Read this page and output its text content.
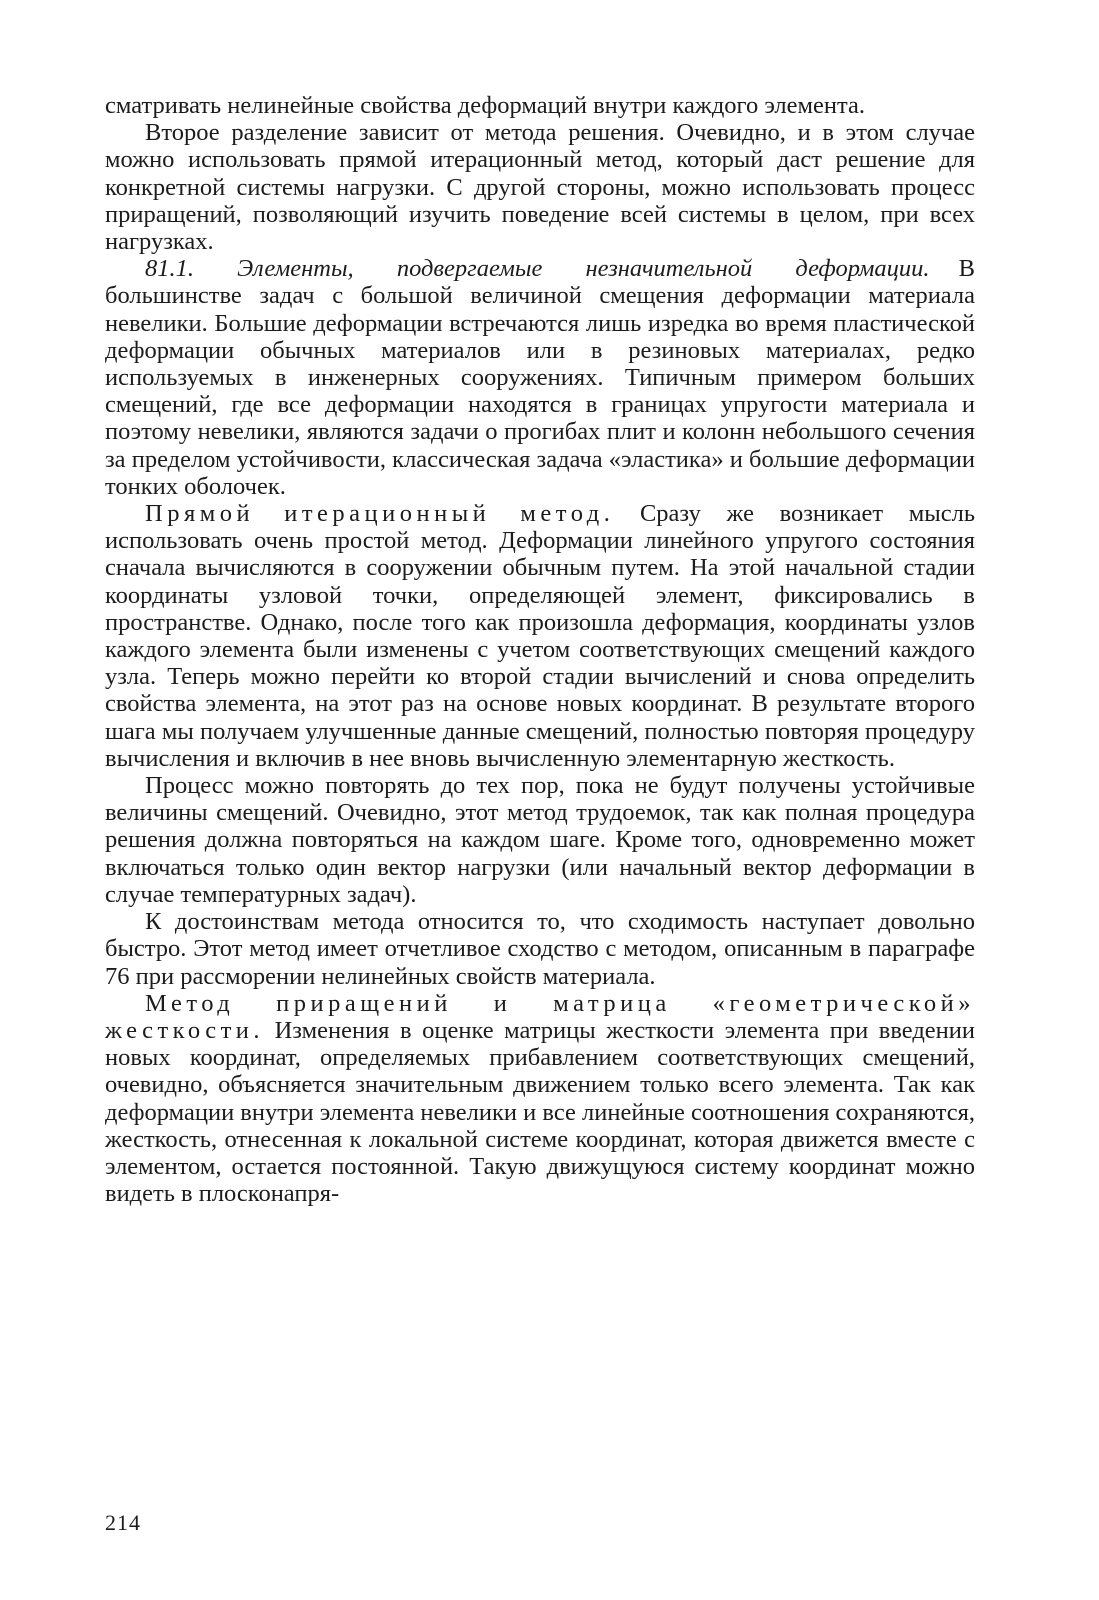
сматривать нелинейные свойства деформаций внутри каждого элемента.

Второе разделение зависит от метода решения. Очевидно, и в этом случае можно использовать прямой итерационный метод, который даст решение для конкретной системы нагрузки. С другой стороны, можно использовать процесс приращений, позволяющий изучить поведение всей системы в целом, при всех нагрузках.

81.1. Элементы, подвергаемые незначительной деформации. В большинстве задач с большой величиной смещения деформации материала невелики. Большие деформации встречаются лишь изредка во время пластической деформации обычных материалов или в резиновых материалах, редко используемых в инженерных сооружениях. Типичным примером больших смещений, где все деформации находятся в границах упругости материала и поэтому невелики, являются задачи о прогибах плит и колонн небольшого сечения за пределом устойчивости, классическая задача «эластика» и большие деформации тонких оболочек.

Прямой итерационный метод. Сразу же возникает мысль использовать очень простой метод. Деформации линейного упругого состояния сначала вычисляются в сооружении обычным путем. На этой начальной стадии координаты узловой точки, определяющей элемент, фиксировались в пространстве. Однако, после того как произошла деформация, координаты узлов каждого элемента были изменены с учетом соответствующих смещений каждого узла. Теперь можно перейти ко второй стадии вычислений и снова определить свойства элемента, на этот раз на основе новых координат. В результате второго шага мы получаем улучшенные данные смещений, полностью повторяя процедуру вычисления и включив в нее вновь вычисленную элементарную жесткость.

Процесс можно повторять до тех пор, пока не будут получены устойчивые величины смещений. Очевидно, этот метод трудоемок, так как полная процедура решения должна повторяться на каждом шаге. Кроме того, одновременно может включаться только один вектор нагрузки (или начальный вектор деформации в случае температурных задач).

К достоинствам метода относится то, что сходимость наступает довольно быстро. Этот метод имеет отчетливое сходство с методом, описанным в параграфе 76 при рассморении нелинейных свойств материала.

Метод приращений и матрица «геометрической» жесткости. Изменения в оценке матрицы жесткости элемента при введении новых координат, определяемых прибавлением соответствующих смещений, очевидно, объясняется значительным движением только всего элемента. Так как деформации внутри элемента невелики и все линейные соотношения сохраняются, жесткость, отнесенная к локальной системе координат, которая движется вместе с элементом, остается постоянной. Такую движущуюся систему координат можно видеть в плосконапря-

214
